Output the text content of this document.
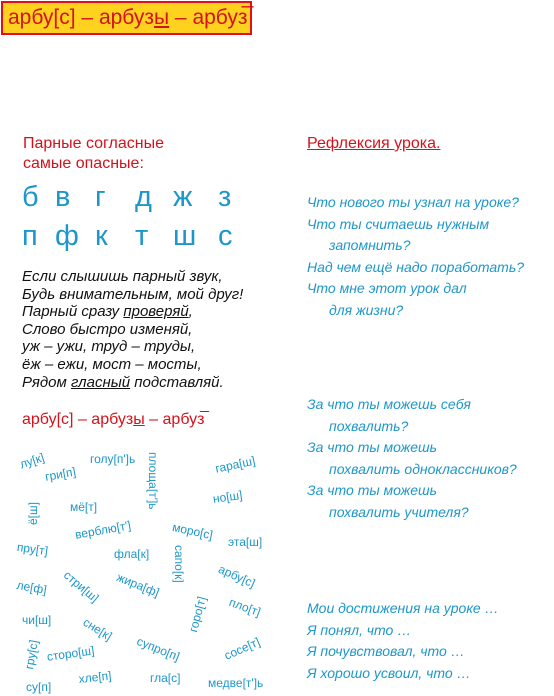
арбу[с] – арбузы – арбуз
Парные согласные
самые опасные:
б в г д ж з
п ф к т ш с
Если слышишь парный звук,
Будь внимательным, мой друг!
Парный сразу проверяй,
Слово быстро изменяй,
уж – ужи, труд – труды,
ёж – ежи, мост – мосты,
Рядом гласный подставляй.
арбу[с] – арбузы – арбуз̅
лу[к]
гри[п]
голу[п']ь площа[т']ь	гара[ш]
ё[ш]	мё[т]
но[ш]
пру[т]
верблю[т']	моро[с] эта[ш]
фла[к] сапо[к]
стри[ш] жира[ф]
ле[ф]	арбу[с]
пло[т]
горо[т]
чи[ш] сне[к]
супро[п]
гру[с] сторо[ш]	сосе[т]
су[п]
хле[п]	гла[с] медве[т']ь
Рефлексия урока.
Что нового ты узнал на уроке?
Что ты считаешь нужным
запомнить?
Над чем ещё надо поработать?
Что мне этот урок дал
для жизни?
За что ты можешь себя
похвалить?
За что ты можешь
похвалить одноклассников?
За что ты можешь
похвалить учителя?
Мои достижения на уроке …
Я понял, что …
Я почувствовал, что …
Я хорошо усвоил, что …
